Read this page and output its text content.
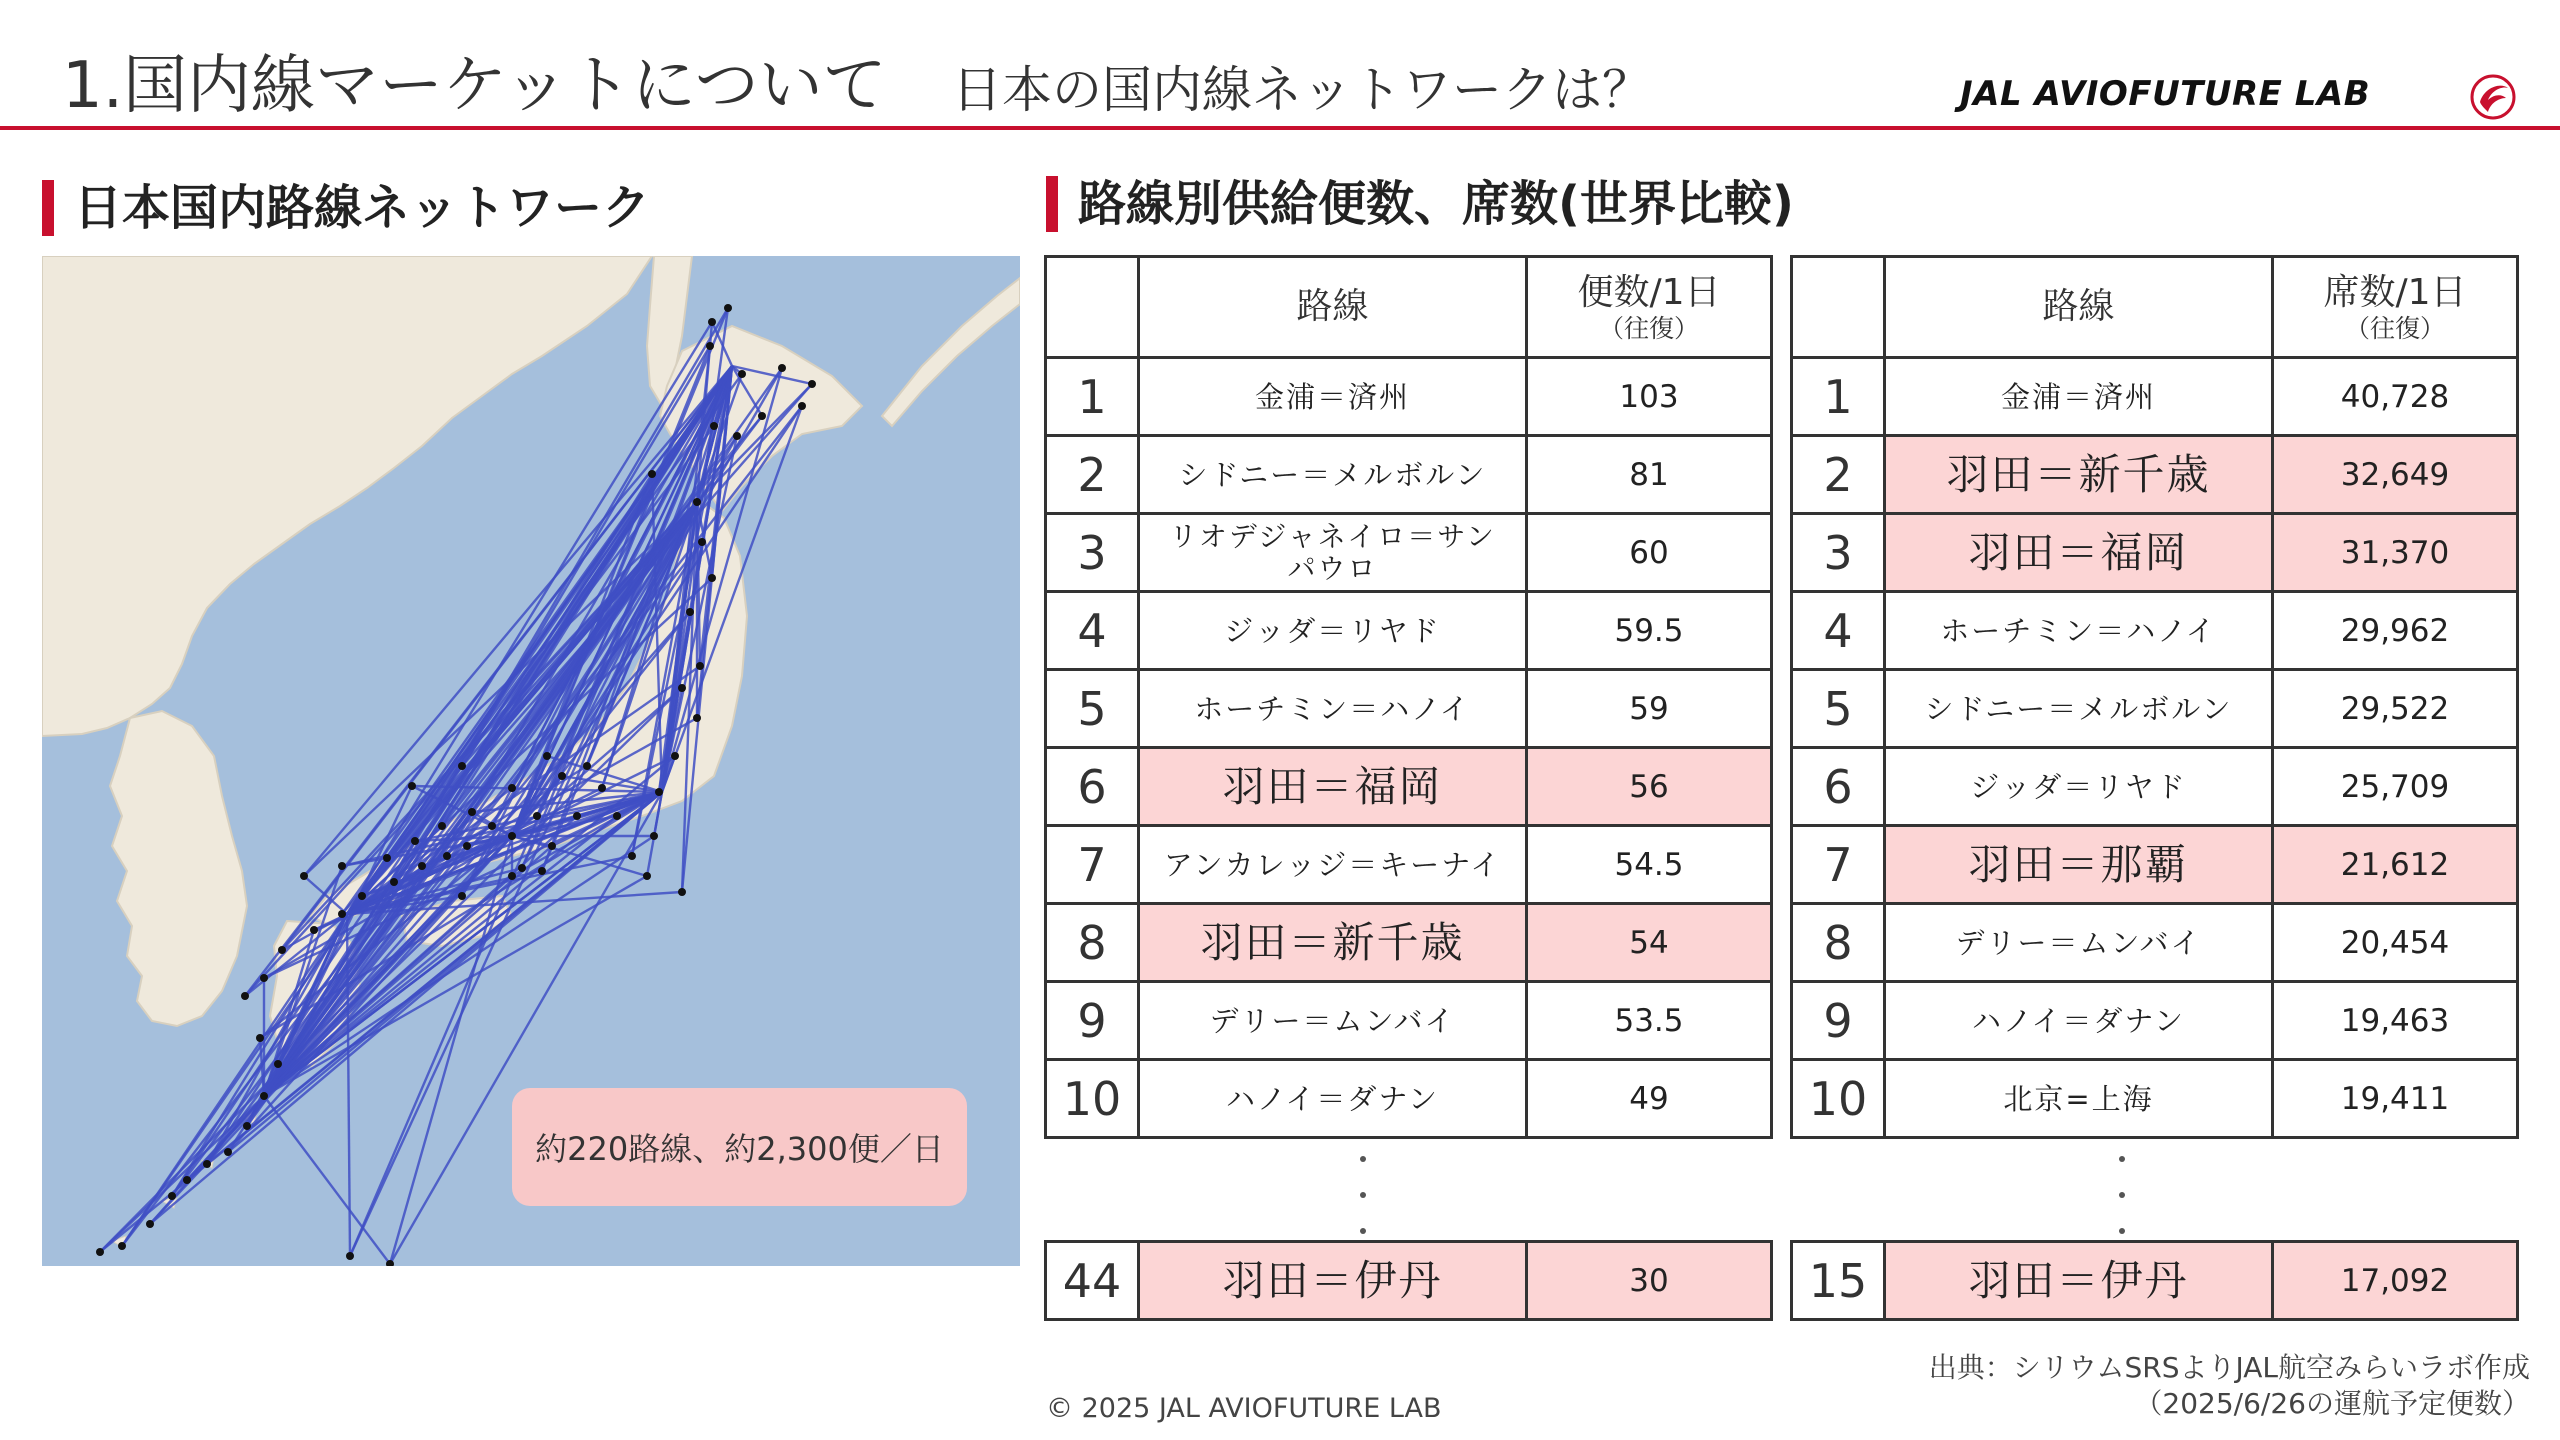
1.国内線マーケットについて 日本の国内線ネットワークは？	JAL AVIOFUTURE LAB
日本国内路線ネットワーク
約220路線、約2,300便／日
路線別供給便数、席数(世界比較)

	路線	便数/1日
（往復）

1	金浦＝済州	103
2	シドニー＝メルボルン	81
3	リオデジャネイロ＝サンパウロ	60
4	ジッダ＝リヤド	59.5
5	ホーチミン＝ハノイ	59
6	羽田＝福岡	56
7	アンカレッジ＝キーナイ	54.5
8	羽田＝新千歳	54
9	デリー＝ムンバイ	53.5
10	ハノイ＝ダナン	49
44	羽田＝伊丹	30

	路線	席数/1日
（往復）

1	金浦＝済州	40,728
2	羽田＝新千歳	32,649
3	羽田＝福岡	31,370
4	ホーチミン＝ハノイ	29,962
5	シドニー＝メルボルン	29,522
6	ジッダ＝リヤド	25,709
7	羽田＝那覇	21,612
8	デリー＝ムンバイ	20,454
9	ハノイ＝ダナン	19,463
10	北京=上海	19,411
15	羽田＝伊丹	17,092
出典：シリウムSRSよりJAL航空みらいラボ作成
（2025/6/26の運航予定便数）
© 2025 JAL AVIOFUTURE LAB
